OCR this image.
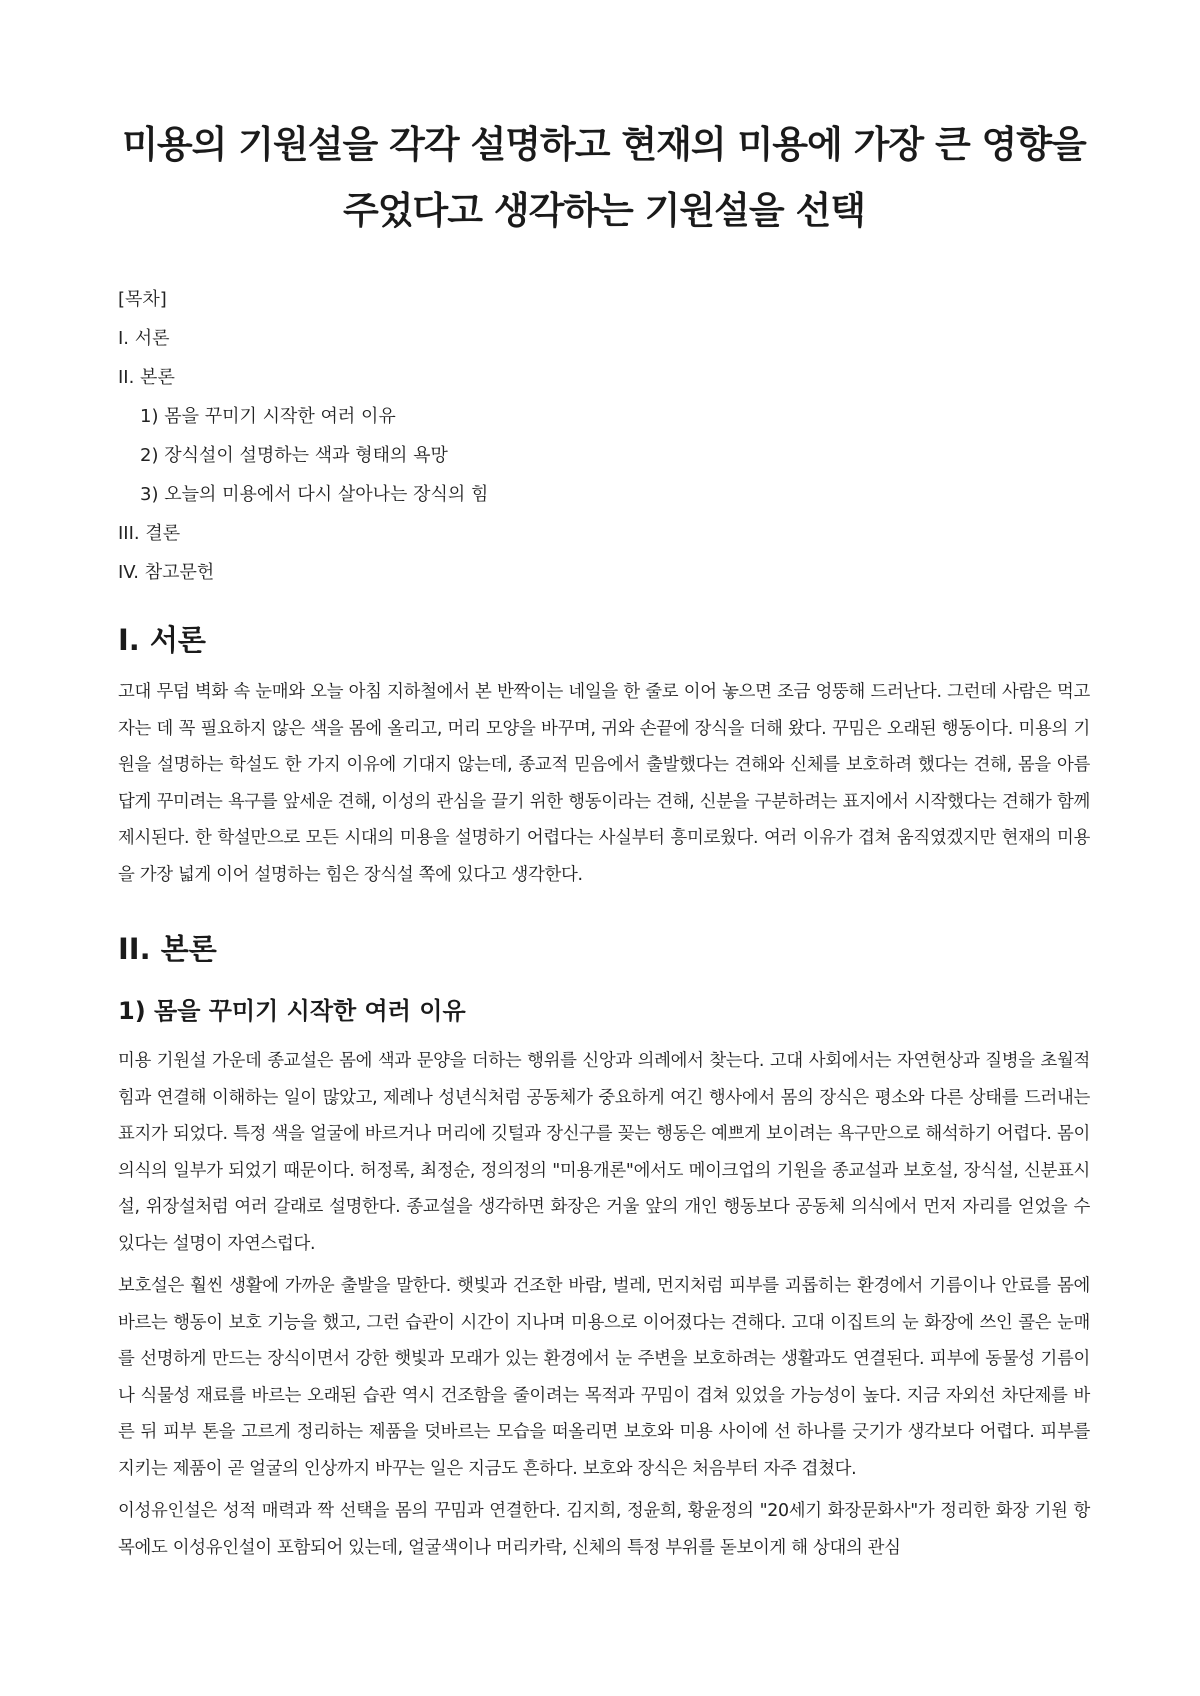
미용의 기원설을 각각 설명하고 현재의 미용에 가장 큰 영향을
주었다고 생각하는 기원설을 선택
[목차]
I. 서론
II. 본론
1) 몸을 꾸미기 시작한 여러 이유
2) 장식설이 설명하는 색과 형태의 욕망
3) 오늘의 미용에서 다시 살아나는 장식의 힘
III. 결론
IV. 참고문헌
I. 서론

고대 무덤 벽화 속 눈매와 오늘 아침 지하철에서 본 반짝이는 네일을 한 줄로 이어 놓으면 조금 엉뚱해 드러난다. 그런데 사람은 먹고 자는 데 꼭 필요하지 않은 색을 몸에 올리고, 머리 모양을 바꾸며, 귀와 손끝에 장식을 더해 왔다. 꾸밈은 오래된 행동이다. 미용의 기원을 설명하는 학설도 한 가지 이유에 기대지 않는데, 종교적 믿음에서 출발했다는 견해와 신체를 보호하려 했다는 견해, 몸을 아름답게 꾸미려는 욕구를 앞세운 견해, 이성의 관심을 끌기 위한 행동이라는 견해, 신분을 구분하려는 표지에서 시작했다는 견해가 함께 제시된다. 한 학설만으로 모든 시대의 미용을 설명하기 어렵다는 사실부터 흥미로웠다. 여러 이유가 겹쳐 움직였겠지만 현재의 미용을 가장 넓게 이어 설명하는 힘은 장식설 쪽에 있다고 생각한다.

II. 본론
1) 몸을 꾸미기 시작한 여러 이유

미용 기원설 가운데 종교설은 몸에 색과 문양을 더하는 행위를 신앙과 의례에서 찾는다. 고대 사회에서는 자연현상과 질병을 초월적 힘과 연결해 이해하는 일이 많았고, 제례나 성년식처럼 공동체가 중요하게 여긴 행사에서 몸의 장식은 평소와 다른 상태를 드러내는 표지가 되었다. 특정 색을 얼굴에 바르거나 머리에 깃털과 장신구를 꽂는 행동은 예쁘게 보이려는 욕구만으로 해석하기 어렵다. 몸이 의식의 일부가 되었기 때문이다. 허정록, 최정순, 정의정의 "미용개론"에서도 메이크업의 기원을 종교설과 보호설, 장식설, 신분표시설, 위장설처럼 여러 갈래로 설명한다. 종교설을 생각하면 화장은 거울 앞의 개인 행동보다 공동체 의식에서 먼저 자리를 얻었을 수 있다는 설명이 자연스럽다.

보호설은 훨씬 생활에 가까운 출발을 말한다. 햇빛과 건조한 바람, 벌레, 먼지처럼 피부를 괴롭히는 환경에서 기름이나 안료를 몸에 바르는 행동이 보호 기능을 했고, 그런 습관이 시간이 지나며 미용으로 이어졌다는 견해다. 고대 이집트의 눈 화장에 쓰인 콜은 눈매를 선명하게 만드는 장식이면서 강한 햇빛과 모래가 있는 환경에서 눈 주변을 보호하려는 생활과도 연결된다. 피부에 동물성 기름이나 식물성 재료를 바르는 오래된 습관 역시 건조함을 줄이려는 목적과 꾸밈이 겹쳐 있었을 가능성이 높다. 지금 자외선 차단제를 바른 뒤 피부 톤을 고르게 정리하는 제품을 덧바르는 모습을 떠올리면 보호와 미용 사이에 선 하나를 긋기가 생각보다 어렵다. 피부를 지키는 제품이 곧 얼굴의 인상까지 바꾸는 일은 지금도 흔하다. 보호와 장식은 처음부터 자주 겹쳤다.

이성유인설은 성적 매력과 짝 선택을 몸의 꾸밈과 연결한다. 김지희, 정윤희, 황윤정의 "20세기 화장문화사"가 정리한 화장 기원 항목에도 이성유인설이 포함되어 있는데, 얼굴색이나 머리카락, 신체의 특정 부위를 돋보이게 해 상대의 관심
